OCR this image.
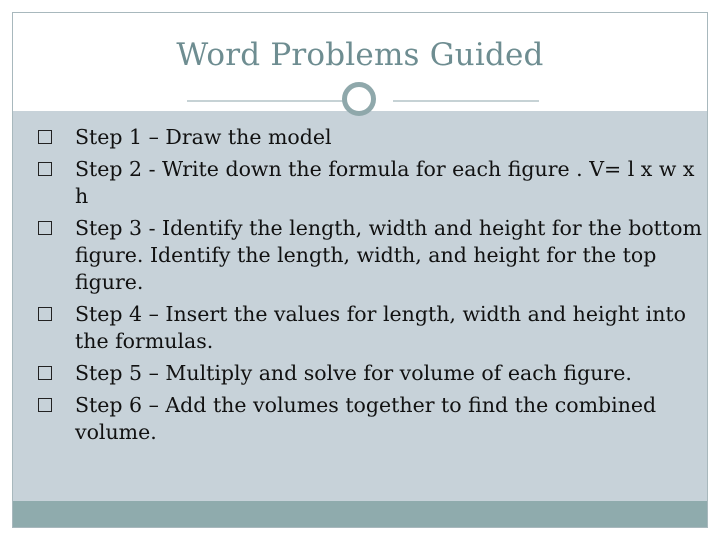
Word Problems Guided
Step 1 – Draw the model
Step 2 - Write down the formula for each figure . V= l x w x h
Step 3 - Identify the length, width and height for the bottom figure. Identify the length, width, and height for the top figure.
Step 4 – Insert the values for length, width and height into the formulas.
Step 5 – Multiply and solve for volume of each figure.
Step 6 – Add the volumes together to find the combined volume.
